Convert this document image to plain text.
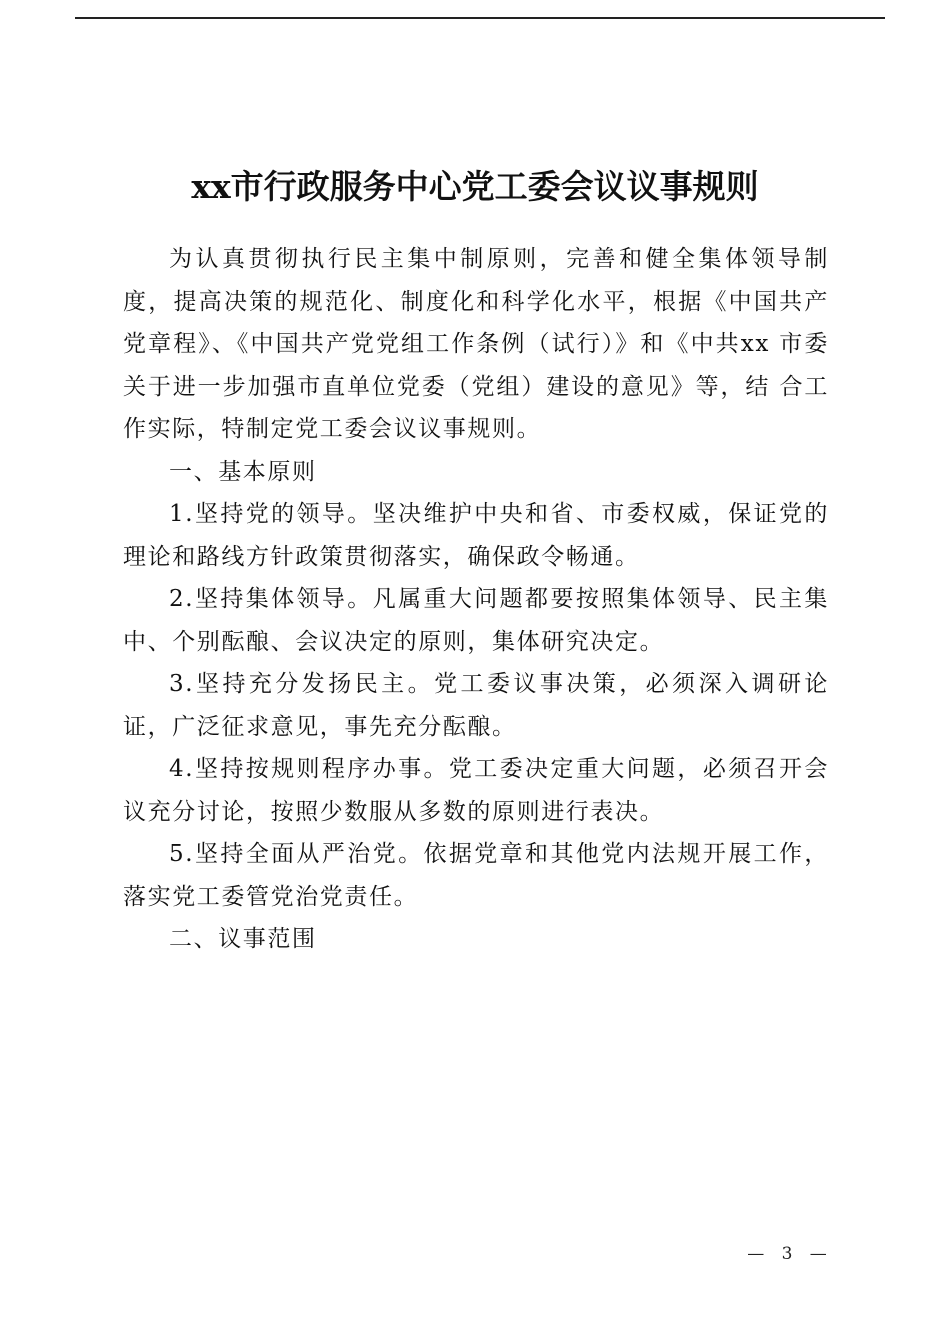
xx市行政服务中心党工委会议议事规则

为认真贯彻执行民主集中制原则，完善和健全集体领导制度，提高决策的规范化、制度化和科学化水平，根据《中国共产 党章程》、《中国共产党党组工作条例（试行）》和《中共xx 市委关于进一步加强市直单位党委（党组）建设的意见》等，结 合工作实际，特制定党工委会议议事规则。

一、基本原则

1.坚持党的领导。坚决维护中央和省、市委权威，保证党的 理论和路线方针政策贯彻落实，确保政令畅通。

2.坚持集体领导。凡属重大问题都要按照集体领导、民主集中、个别酝酿、会议决定的原则，集体研究决定。

3.坚持充分发扬民主。党工委议事决策，必须深入调研论证，广泛征求意见，事先充分酝酿。

4.坚持按规则程序办事。党工委决定重大问题，必须召开会 议充分讨论，按照少数服从多数的原则进行表决。

5.坚持全面从严治党。依据党章和其他党内法规开展工作，落实党工委管党治党责任。

二、议事范围

— 3 —
